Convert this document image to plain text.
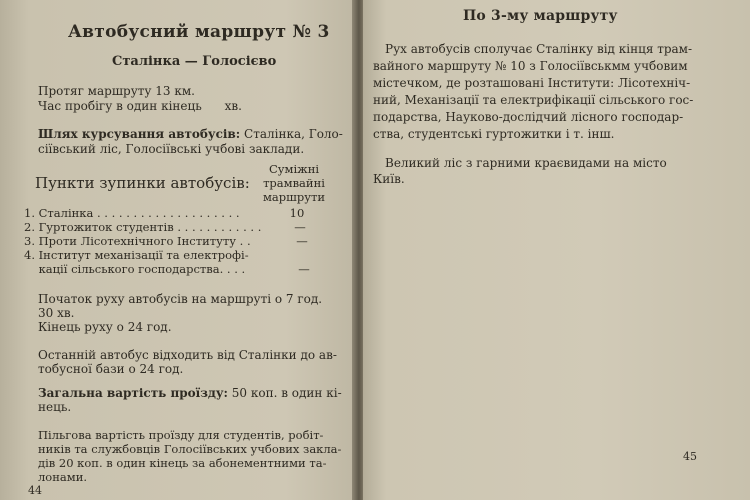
Автобусний маршрут № 3
Сталінка — Голосієво
Протяг маршруту 13 км.
Час пробігу в один кінець      хв.
Шлях курсування автобусів: Сталінка, Голо-
сіївський ліс, Голосіївські учбові заклади.
Пункти зупинки автобусів:
Суміжні
трамвайні
маршрути
1. Сталінка . . . . . . . . . . . . . . . . . . . .	10
2. Гуртожиток студентів . . . . . . . . . . . .	—
3. Проти Лісотехнічного Інституту . .	—
4. Інститут механізації та електрофі-
кації сільського господарства. . . .	—
Початок руху автобусів на маршруті о 7 год.
30 хв.
Кінець руху о 24 год.
Останній автобус відходить від Сталінки до ав-
тобусної бази о 24 год.
Загальна вартість проїзду: 50 коп. в один кі-
нець.
Пільгова вартість проїзду для студентів, робіт-
ників та службовців Голосіївських учбових закла-
дів 20 коп. в один кінець за абонементними та-
лонами.
44
По 3-му маршруту
Рух автобусів сполучає Сталінку від кінця трам-
вайного маршруту № 10 з Голосіївськмм учбовим
містечком, де розташовані Інститути: Лісотехніч-
ний, Механізації та електрифікації сільського гос-
подарства, Науково-дослідчий лісного господар-
ства, студентські гуртожитки і т. інш.
Великий ліс з гарними краєвидами на місто
Київ.
45
